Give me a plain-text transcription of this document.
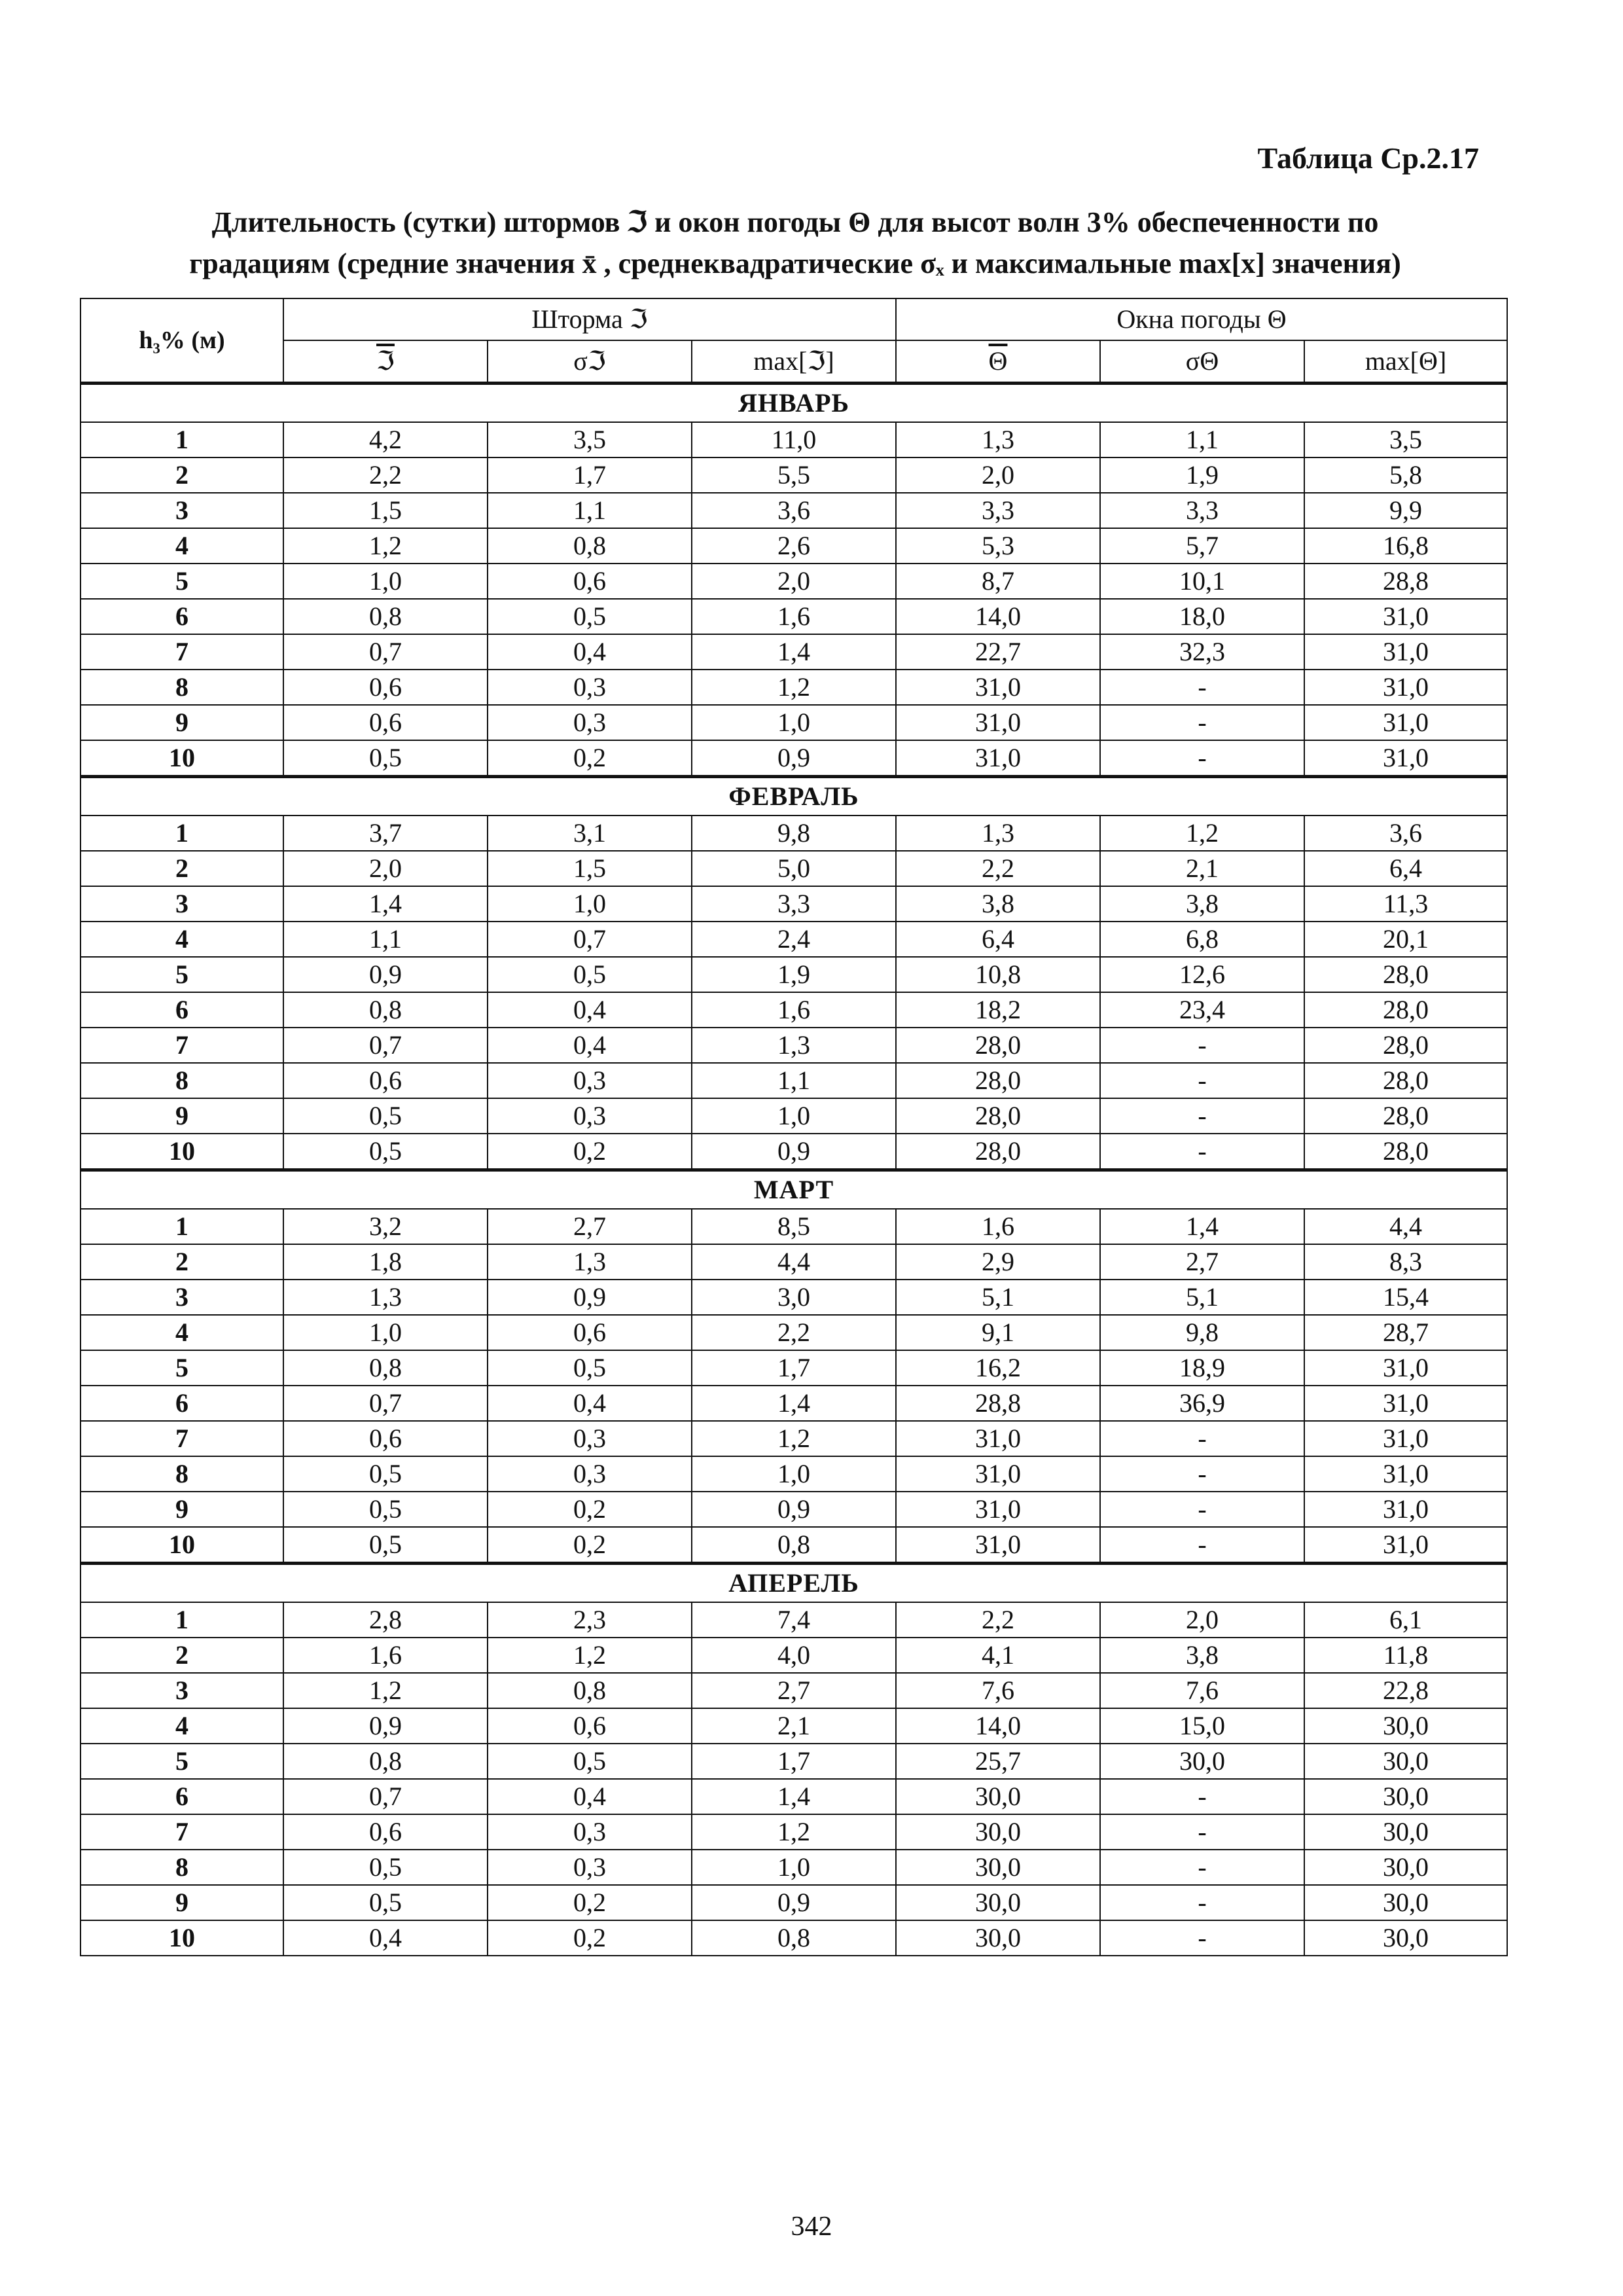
Таблица Ср.2.17

Длительность (сутки) штормов ℑ и окон погоды Θ для высот волн 3% обеспеченности по

градациям (средние значения x̄ , среднеквадратические σₓ и максимальные max[x] значения)

h₃% (м)	Шторма ℑ			Окна погоды Θ		
	ℑ	σℑ	max[ℑ]	$\overline{\Theta}$	σΘ	max[Θ]
ЯНВАРЬ						
1	4,2	3,5	11,0	1,3	1,1	3,5
2	2,2	1,7	5,5	2,0	1,9	5,8
3	1,5	1,1	3,6	3,3	3,3	9,9
4	1,2	0,8	2,6	5,3	5,7	16,8
5	1,0	0,6	2,0	8,7	10,1	28,8
6	0,8	0,5	1,6	14,0	18,0	31,0
7	0,7	0,4	1,4	22,7	32,3	31,0
8	0,6	0,3	1,2	31,0	-	31,0
9	0,6	0,3	1,0	31,0	-	31,0
10	0,5	0,2	0,9	31,0	-	31,0
ФЕВРАЛЬ						
1	3,7	3,1	9,8	1,3	1,2	3,6
2	2,0	1,5	5,0	2,2	2,1	6,4
3	1,4	1,0	3,3	3,8	3,8	11,3
4	1,1	0,7	2,4	6,4	6,8	20,1
5	0,9	0,5	1,9	10,8	12,6	28,0
6	0,8	0,4	1,6	18,2	23,4	28,0
7	0,7	0,4	1,3	28,0	-	28,0
8	0,6	0,3	1,1	28,0	-	28,0
9	0,5	0,3	1,0	28,0	-	28,0
10	0,5	0,2	0,9	28,0	-	28,0
МАРТ						
1	3,2	2,7	8,5	1,6	1,4	4,4
2	1,8	1,3	4,4	2,9	2,7	8,3
3	1,3	0,9	3,0	5,1	5,1	15,4
4	1,0	0,6	2,2	9,1	9,8	28,7
5	0,8	0,5	1,7	16,2	18,9	31,0
6	0,7	0,4	1,4	28,8	36,9	31,0
7	0,6	0,3	1,2	31,0	-	31,0
8	0,5	0,3	1,0	31,0	-	31,0
9	0,5	0,2	0,9	31,0	-	31,0
10	0,5	0,2	0,8	31,0	-	31,0
АПЕРЕЛЬ						
1	2,8	2,3	7,4	2,2	2,0	6,1
2	1,6	1,2	4,0	4,1	3,8	11,8
3	1,2	0,8	2,7	7,6	7,6	22,8
4	0,9	0,6	2,1	14,0	15,0	30,0
5	0,8	0,5	1,7	25,7	30,0	30,0
6	0,7	0,4	1,4	30,0	-	30,0
7	0,6	0,3	1,2	30,0	-	30,0
8	0,5	0,3	1,0	30,0	-	30,0
9	0,5	0,2	0,9	30,0	-	30,0
10	0,4	0,2	0,8	30,0	-	30,0
342
